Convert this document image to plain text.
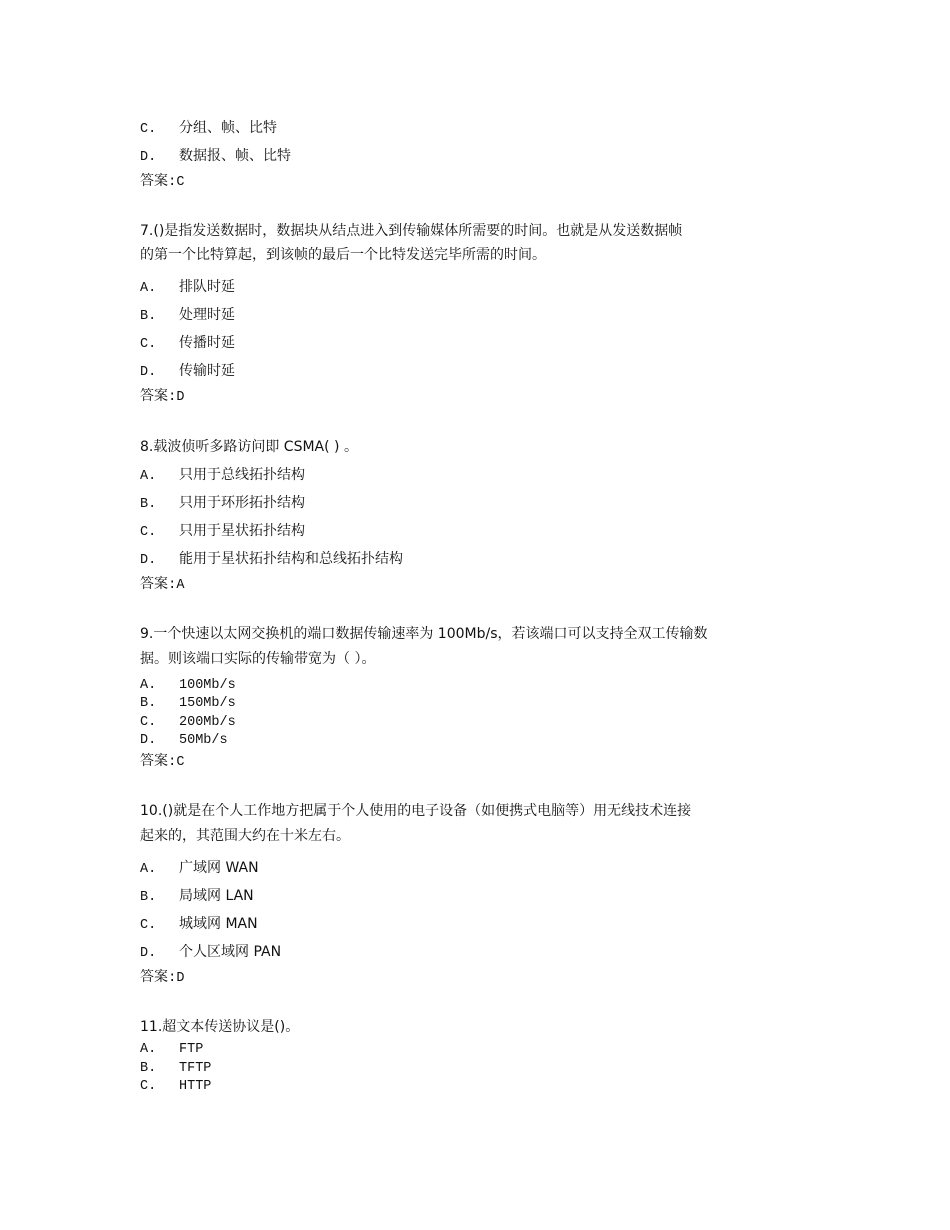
C. 分组、帧、比特
D. 数据报、帧、比特
答案:C
7.()是指发送数据时，数据块从结点进入到传输媒体所需要的时间。也就是从发送数据帧
的第一个比特算起，到该帧的最后一个比特发送完毕所需的时间。
A. 排队时延
B. 处理时延
C. 传播时延
D. 传输时延
答案:D
8.载波侦听多路访问即 CSMA( ) 。
A. 只用于总线拓扑结构
B. 只用于环形拓扑结构
C. 只用于星状拓扑结构
D. 能用于星状拓扑结构和总线拓扑结构
答案:A
9.一个快速以太网交换机的端口数据传输速率为 100Mb/s，若该端口可以支持全双工传输数
据。则该端口实际的传输带宽为（ ）。
A. 100Mb/s
B. 150Mb/s
C. 200Mb/s
D. 50Mb/s
答案:C
10.()就是在个人工作地方把属于个人使用的电子设备（如便携式电脑等）用无线技术连接
起来的，其范围大约在十米左右。
A. 广域网 WAN
B. 局域网 LAN
C. 城域网 MAN
D. 个人区域网 PAN
答案:D
11.超文本传送协议是()。
A. FTP
B. TFTP
C. HTTP
